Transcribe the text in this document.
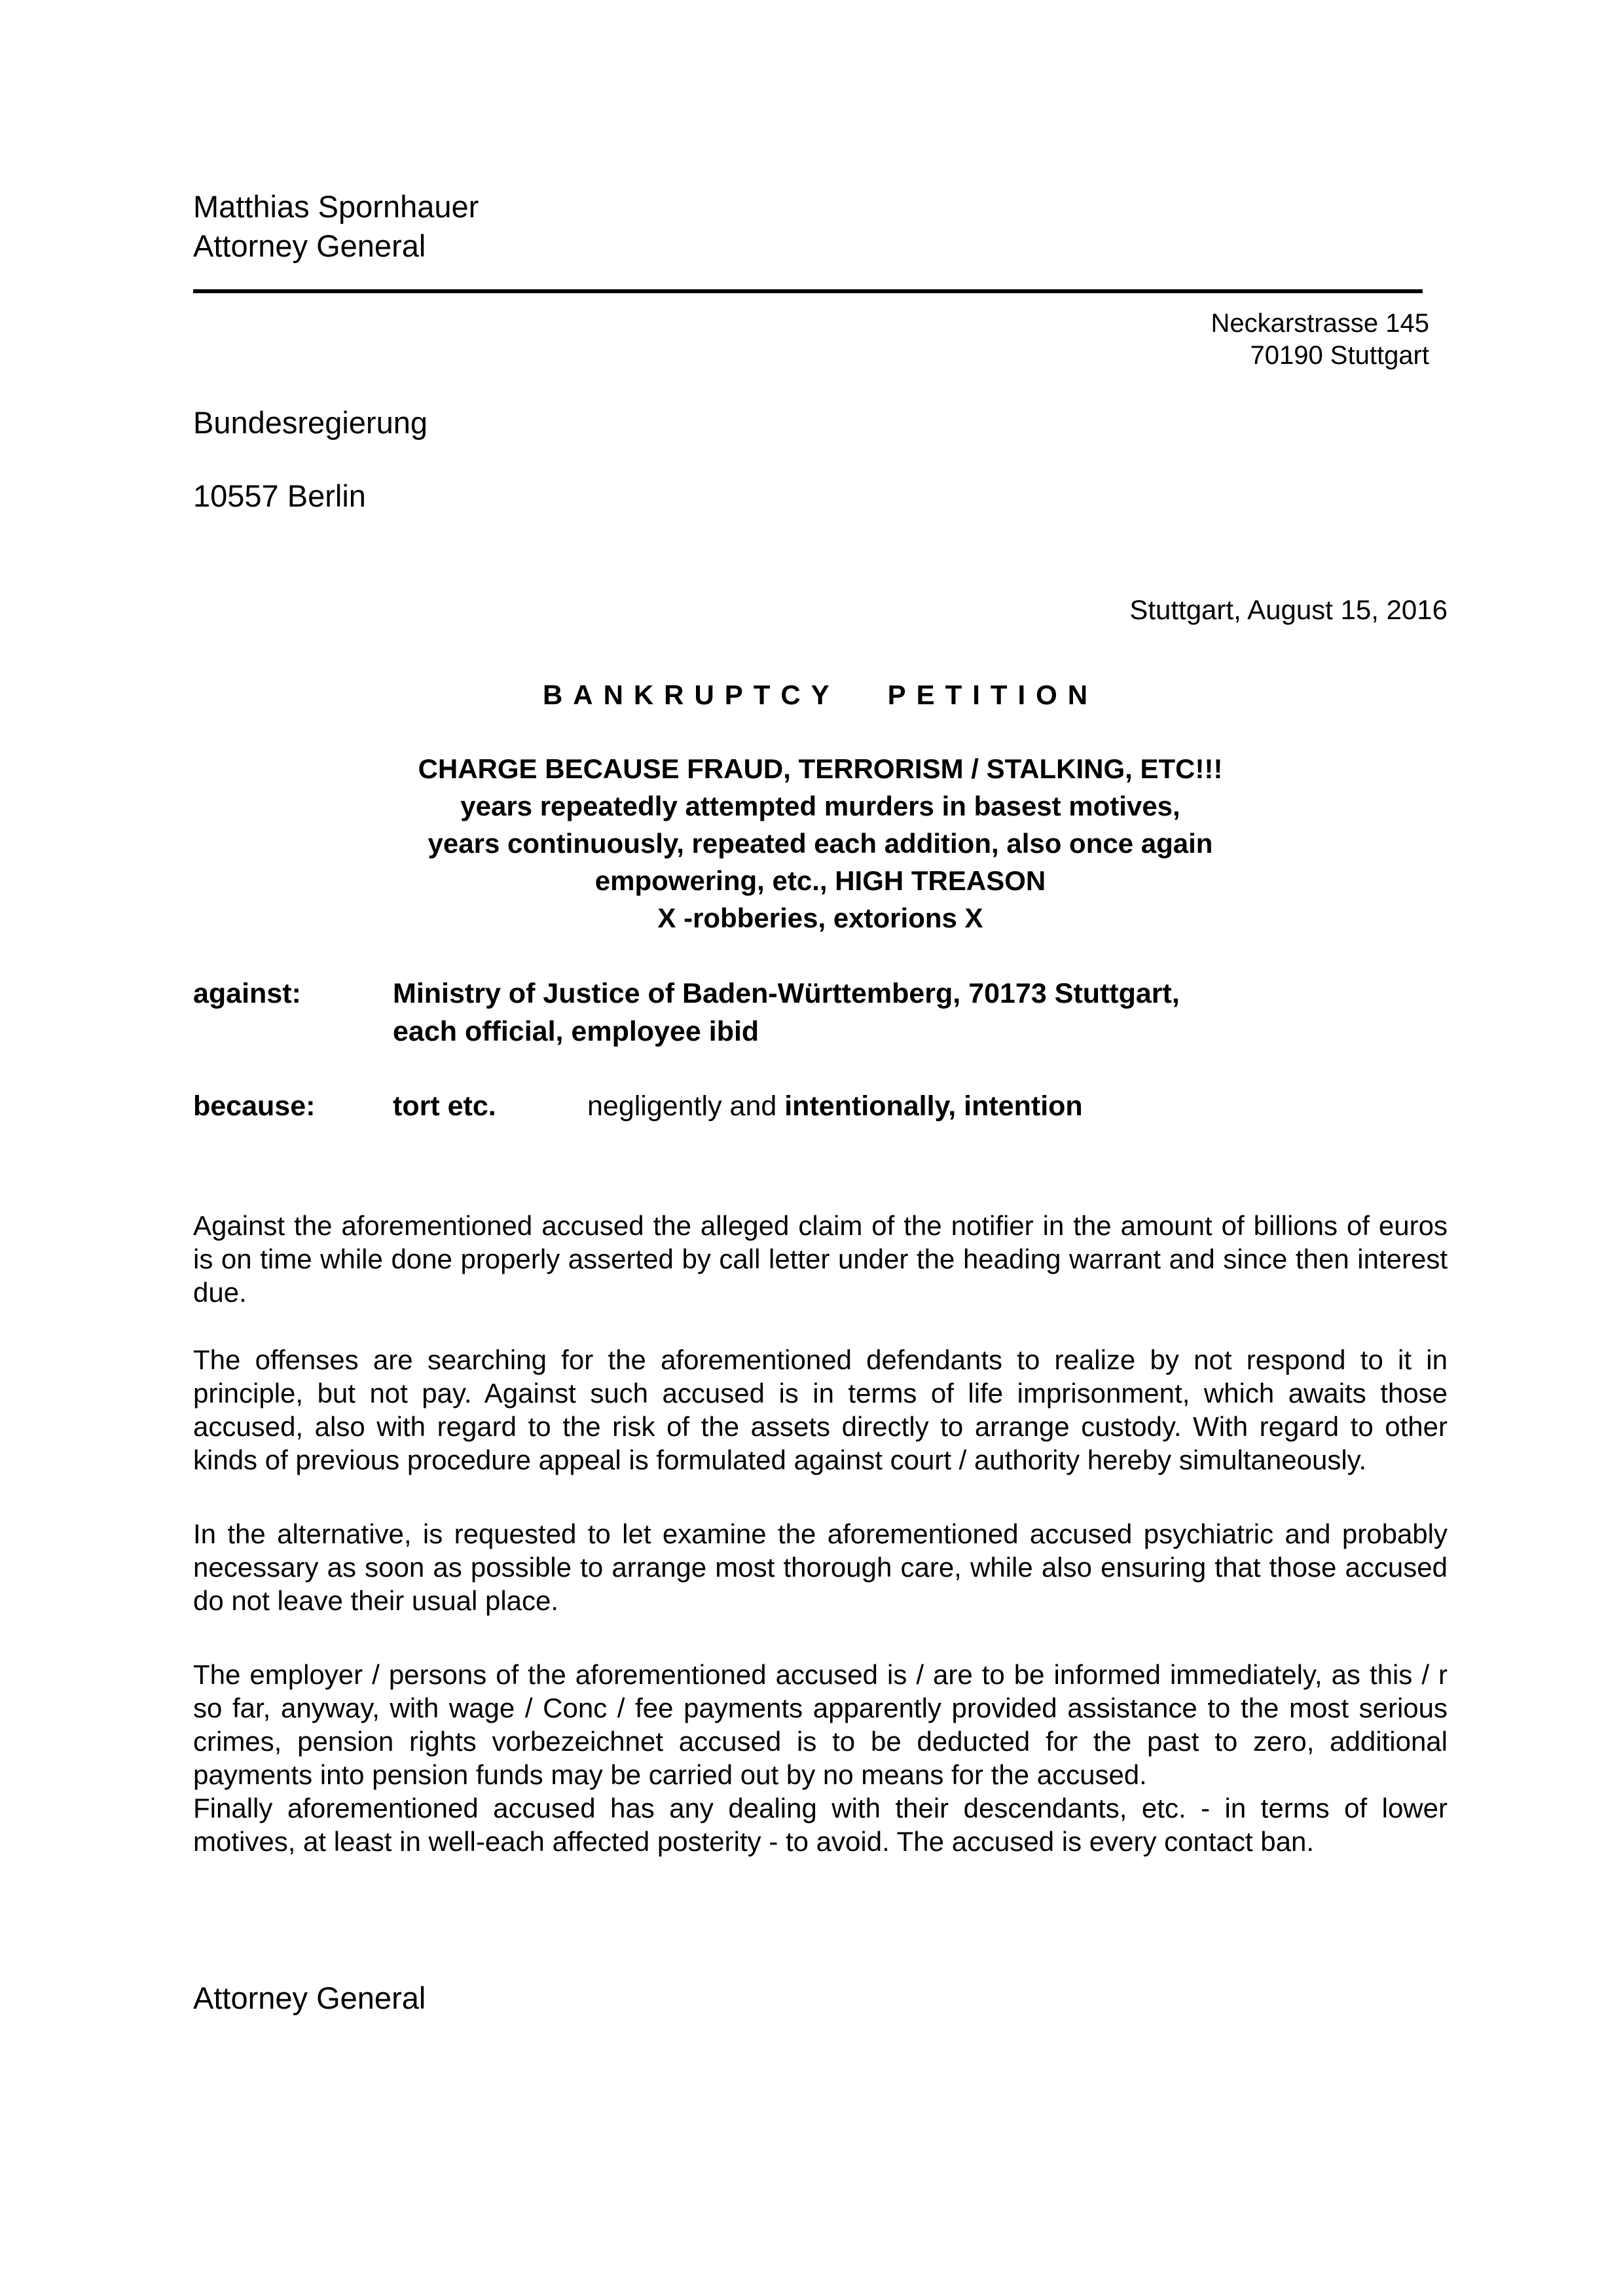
Matthias Spornhauer
Attorney General
Neckarstrasse 145
70190 Stuttgart
Bundesregierung
10557 Berlin
Stuttgart, August 15, 2016
BANKRUPTCY PETITION
CHARGE BECAUSE FRAUD, TERRORISM / STALKING, ETC!!!
years repeatedly attempted murders in basest motives,
years continuously, repeated each addition, also once again
empowering, etc., HIGH TREASON
X -robberies, extorions X
against:	Ministry of Justice of Baden-Württemberg, 70173 Stuttgart,
each official, employee ibid
because:	tort etc.	negligently and intentionally, intention

Against the aforementioned accused the alleged claim of the notifier in the amount of billions of euros is on time while done properly asserted by call letter under the heading warrant and since then interest due.

The offenses are searching for the aforementioned defendants to realize by not respond to it in principle, but not pay. Against such accused is in terms of life imprisonment, which awaits those accused, also with regard to the risk of the assets directly to arrange custody. With regard to other kinds of previous procedure appeal is formulated against court / authority hereby simultaneously.

In the alternative, is requested to let examine the aforementioned accused psychiatric and probably necessary as soon as possible to arrange most thorough care, while also ensuring that those accused do not leave their usual place.

The employer / persons of the aforementioned accused is / are to be informed immediately, as this / r so far, anyway, with wage / Conc / fee payments apparently provided assistance to the most serious crimes, pension rights vorbezeichnet accused is to be deducted for the past to zero, additional payments into pension funds may be carried out by no means for the accused.

Finally aforementioned accused has any dealing with their descendants, etc. - in terms of lower motives, at least in well-each affected posterity - to avoid. The accused is every contact ban.

Attorney General
